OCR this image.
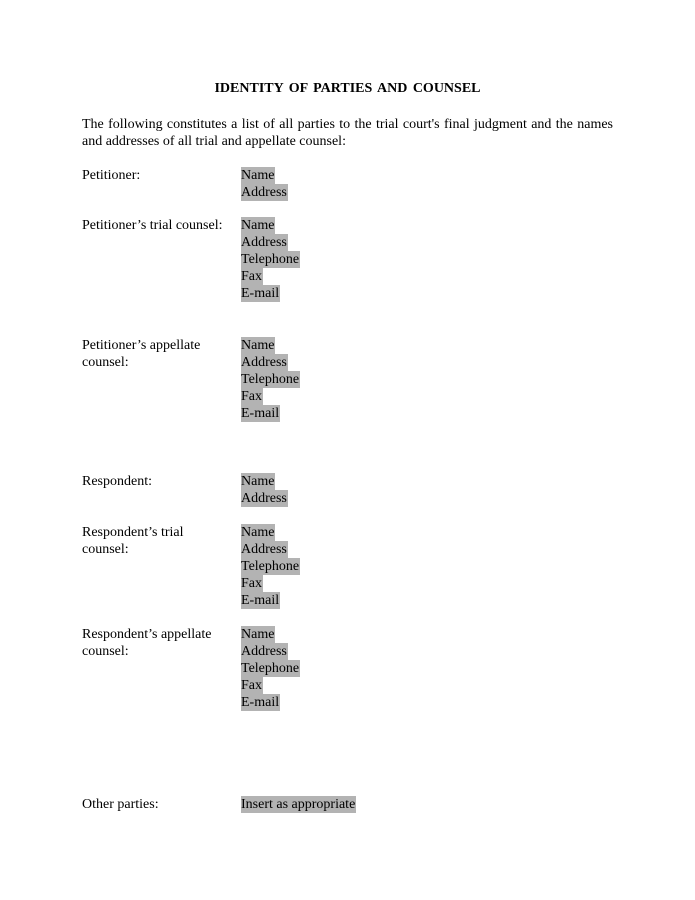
IDENTITY OF PARTIES AND COUNSEL
The following constitutes a list of all parties to the trial court's final judgment and the names and addresses of all trial and appellate counsel:
Petitioner:	Name
Address
Petitioner’s trial counsel:	Name
Address
Telephone
Fax
E-mail
Petitioner’s appellate counsel:
Name
Address
Telephone
Fax
E-mail
Respondent:	Name
Address
Respondent’s trial counsel:
Name
Address
Telephone
Fax
E-mail
Respondent’s appellate counsel:
Name
Address
Telephone
Fax
E-mail
Other parties:	Insert as appropriate
